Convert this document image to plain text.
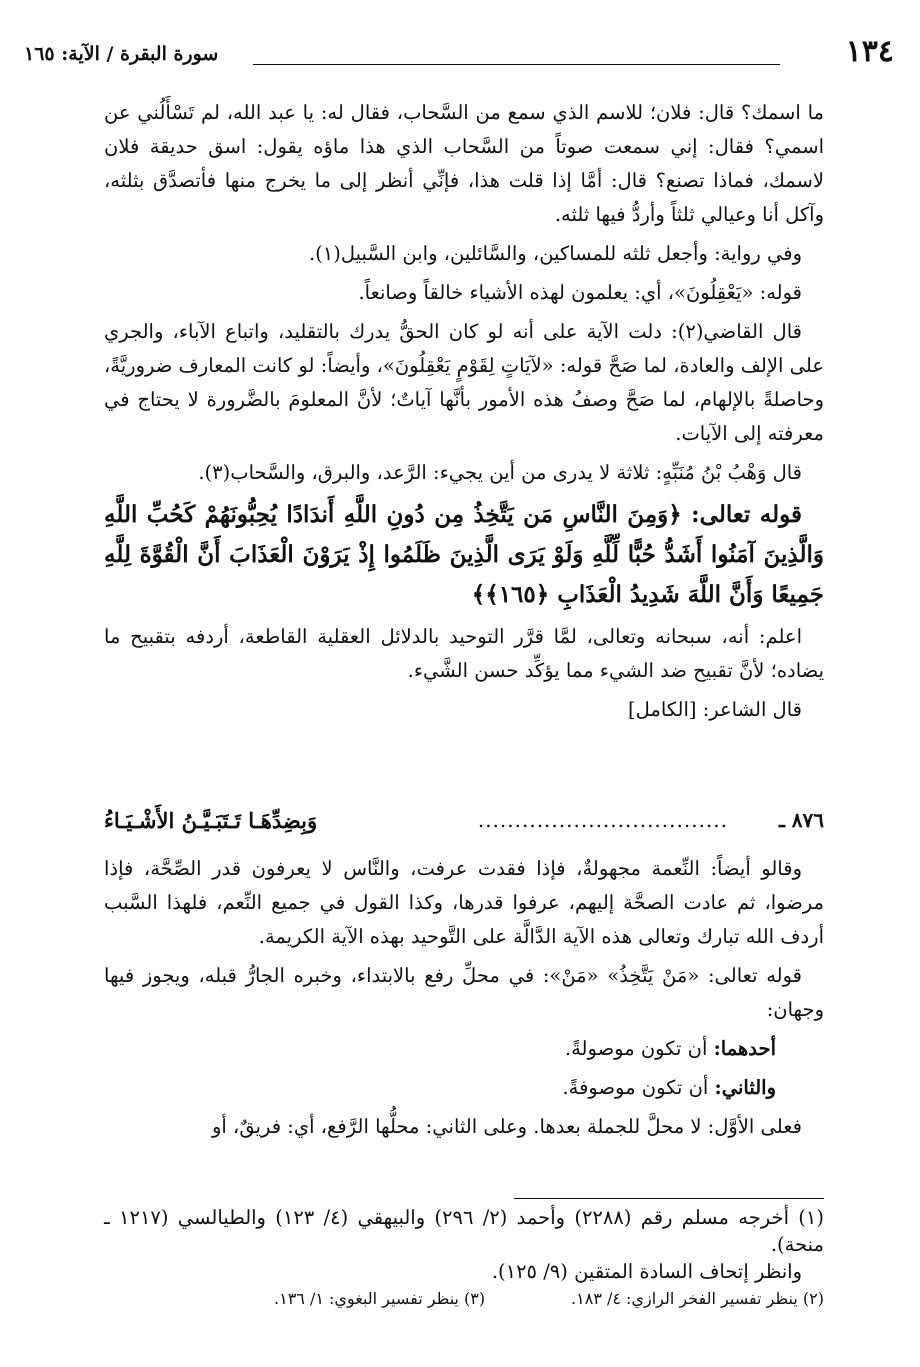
١٣٤
سورة البقرة / الآية: ١٦٥

ما اسمك؟ قال: فلان؛ للاسم الذي سمع من السَّحاب، فقال له: يا عبد الله، لم تَسْأَلُني عن اسمي؟ فقال: إني سمعت صوتاً من السَّحاب الذي هذا ماؤه يقول: اسق حديقة فلان لاسمك، فماذا تصنع؟ قال: أمَّا إذا قلت هذا، فإنِّي أنظر إلى ما يخرج منها فأتصدَّق بثلثه، وآكل أنا وعيالي ثلثاً وأردُّ فيها ثلثه.

وفي رواية: وأجعل ثلثه للمساكين، والسَّائلين، وابن السَّبيل(١).

قوله: «يَعْقِلُونَ»، أي: يعلمون لهذه الأشياء خالقاً وصانعاً.

قال القاضي(٢): دلت الآية على أنه لو كان الحقُّ يدرك بالتقليد، واتباع الآباء، والجري على الإلف والعادة، لما صَحَّ قوله: «لآيَاتٍ لِقَوْمٍ يَعْقِلُونَ»، وأيضاً: لو كانت المعارف ضروريَّةً، وحاصلةً بالإلهام، لما صَحَّ وصفُ هذه الأمور بأنَّها آياتٌ؛ لأنَّ المعلومَ بالضَّرورة لا يحتاج في معرفته إلى الآيات.

قال وَهْبُ بْنُ مُنَبِّهٍ: ثلاثة لا يدرى من أين يجيء: الرَّعد، والبرق، والسَّحاب(٣).

قوله تعالى: ﴿وَمِنَ النَّاسِ مَن يَتَّخِذُ مِن دُونِ اللَّهِ أَندَادًا يُحِبُّونَهُمْ كَحُبِّ اللَّهِ وَالَّذِينَ آمَنُوا أَشَدُّ حُبًّا لِّلَّهِ وَلَوْ يَرَى الَّذِينَ ظَلَمُوا إِذْ يَرَوْنَ الْعَذَابَ أَنَّ الْقُوَّةَ لِلَّهِ جَمِيعًا وَأَنَّ اللَّهَ شَدِيدُ الْعَذَابِ ﴿١٦٥﴾﴾

اعلم: أنه، سبحانه وتعالى، لمَّا قرَّر التوحيد بالدلائل العقلية القاطعة، أردفه بتقبيح ما يضاده؛ لأنَّ تقبيح ضد الشيء مما يؤكِّد حسن الشَّيء.

قال الشاعر: [الكامل]

٨٧٦ ـ
..................................
وَبِضِدِّهَـا تَـتَبَـيَّـنُ الأَشْـيَـاءُ

وقالو أيضاً: النِّعمة مجهولةٌ، فإذا فقدت عرفت، والنَّاس لا يعرفون قدر الصِّحَّة، فإذا مرضوا، ثم عادت الصحَّة إليهم، عرفوا قدرها، وكذا القول في جميع النِّعم، فلهذا السَّبب أردف الله تبارك وتعالى هذه الآية الدَّالَّة على التَّوحيد بهذه الآية الكريمة.

قوله تعالى: «مَنْ يَتَّخِذُ» «مَنْ»: في محلِّ رفع بالابتداء، وخبره الجارُّ قبله، ويجوز فيها وجهان:

أحدهما: أن تكون موصولةً.

والثاني: أن تكون موصوفةً.

فعلى الأوَّل: لا محلَّ للجملة بعدها. وعلى الثاني: محلُّها الرَّفع، أي: فريقٌ، أو

(١) أخرجه مسلم رقم (٢٢٨٨) وأحمد (٢/ ٢٩٦) والبيهقي (٤/ ١٢٣) والطيالسي (١٢١٧ ـ منحة).

وانظر إتحاف السادة المتقين (٩/ ١٢٥).

(٢) ينظر تفسير الفخر الرازي: ٤/ ١٨٣.
(٣) ينظر تفسير البغوي: ١/ ١٣٦.
